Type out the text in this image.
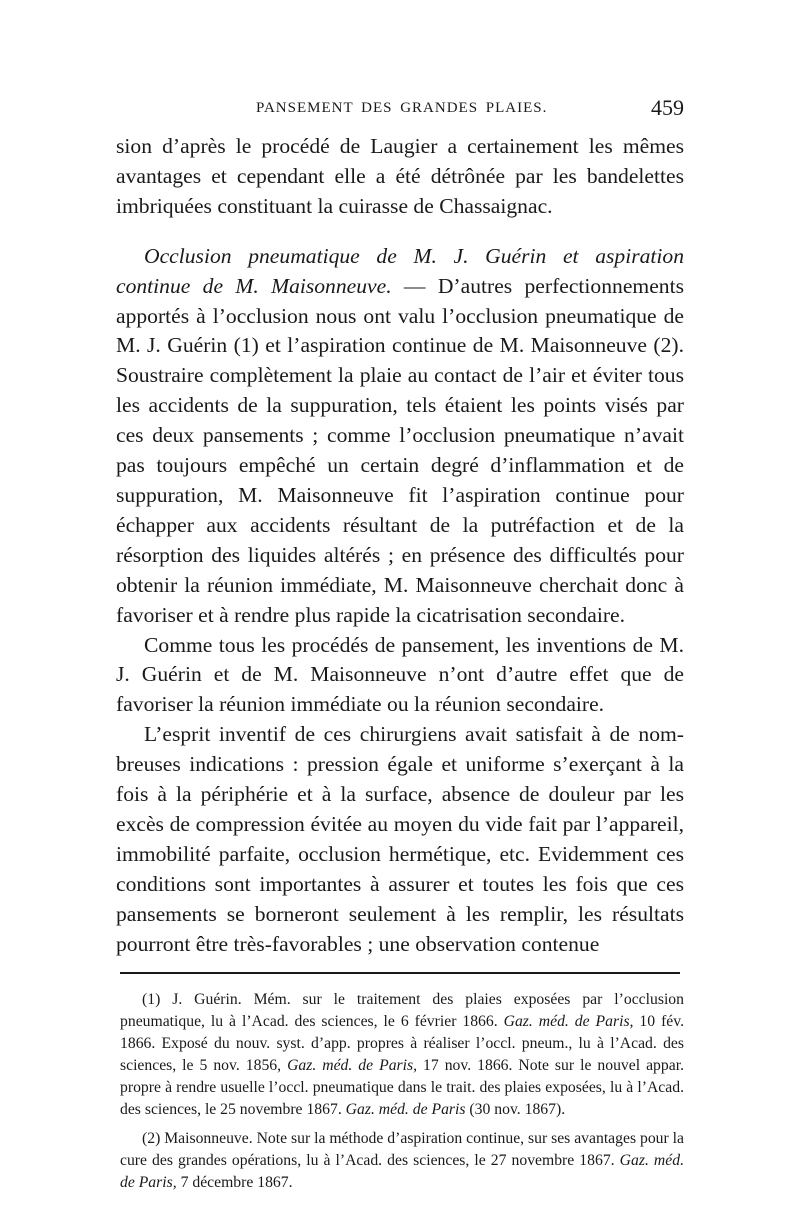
PANSEMENT DES GRANDES PLAIES.	459

sion d’après le procédé de Laugier a certainement les mêmes avantages et cependant elle a été détrônée par les bandelettes imbriquées constituant la cuirasse de Chassaignac.

Occlusion pneumatique de M. J. Guérin et aspiration continue de M. Maisonneuve. — D’autres perfectionnements apportés à l’occlusion nous ont valu l’occlusion pneumatique de M. J. Guérin (1) et l’aspiration continue de M. Maisonneuve (2). Soustraire complètement la plaie au contact de l’air et éviter tous les accidents de la suppuration, tels étaient les points visés par ces deux pansements ; comme l’occlusion pneumatique n’avait pas toujours empêché un certain degré d’inflammation et de suppuration, M. Maisonneuve fit l’aspiration continue pour échapper aux accidents résultant de la putréfaction et de la résorption des liquides altérés ; en présence des difficultés pour obtenir la réunion immédiate, M. Maisonneuve cherchait donc à favoriser et à rendre plus rapide la cicatrisation secondaire.

Comme tous les procédés de pansement, les inventions de M. J. Guérin et de M. Maisonneuve n’ont d’autre effet que de favoriser la réunion immédiate ou la réunion secondaire.

L’esprit inventif de ces chirurgiens avait satisfait à de nombreuses indications : pression égale et uniforme s’exerçant à la fois à la périphérie et à la surface, absence de douleur par les excès de compression évitée au moyen du vide fait par l’appareil, immobilité parfaite, occlusion hermétique, etc. Evidemment ces conditions sont importantes à assurer et toutes les fois que ces pansements se borneront seulement à les remplir, les résultats pourront être très-favorables ; une observation contenue

(1) J. Guérin. Mém. sur le traitement des plaies exposées par l’occlusion pneumatique, lu à l’Acad. des sciences, le 6 février 1866. Gaz. méd. de Paris, 10 fév. 1866. Exposé du nouv. syst. d’app. propres à réaliser l’occl. pneum., lu à l’Acad. des sciences, le 5 nov. 1856, Gaz. méd. de Paris, 17 nov. 1866. Note sur le nouvel appar. propre à rendre usuelle l’occl. pneumatique dans le trait. des plaies exposées, lu à l’Acad. des sciences, le 25 novembre 1867. Gaz. méd. de Paris (30 nov. 1867).

(2) Maisonneuve. Note sur la méthode d’aspiration continue, sur ses avantages pour la cure des grandes opérations, lu à l’Acad. des sciences, le 27 novembre 1867. Gaz. méd. de Paris, 7 décembre 1867.
